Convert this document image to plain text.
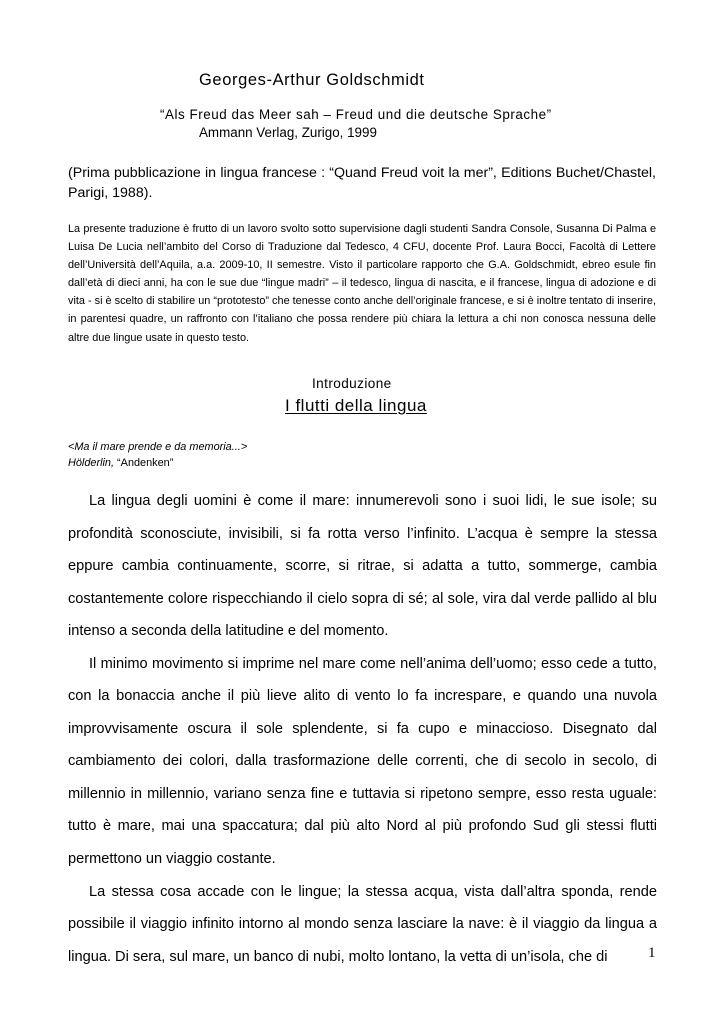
Georges-Arthur Goldschmidt
“Als Freud das Meer sah – Freud und die deutsche Sprache”
Ammann Verlag, Zurigo, 1999
(Prima pubblicazione in lingua francese : “Quand Freud voit la mer”, Editions Buchet/Chastel, Parigi, 1988).
La presente traduzione è frutto di un lavoro svolto sotto supervisione dagli studenti Sandra Console, Susanna Di Palma e Luisa De Lucia nell’ambito del Corso di Traduzione dal Tedesco, 4 CFU, docente Prof. Laura Bocci, Facoltà di Lettere dell’Università dell’Aquila, a.a. 2009-10, II semestre. Visto il particolare rapporto che G.A. Goldschmidt, ebreo esule fin dall’età di dieci anni, ha con le sue due “lingue madri” – il tedesco, lingua di nascita, e il francese, lingua di adozione e di vita - si è scelto di stabilire un “prototesto” che tenesse conto anche dell’originale francese, e si è inoltre tentato di inserire, in parentesi quadre, un raffronto con l’italiano che possa rendere più chiara la lettura a chi non conosca nessuna delle altre due lingue usate in questo testo.
Introduzione
I flutti della lingua
<Ma il mare prende e da memoria...>
Hölderlin, “Andenken”

La lingua degli uomini è come il mare: innumerevoli sono i suoi lidi, le sue isole; su profondità sconosciute, invisibili, si fa rotta verso l’infinito. L’acqua è sempre la stessa eppure cambia continuamente, scorre, si ritrae, si adatta a tutto, sommerge, cambia costantemente colore rispecchiando il cielo sopra di sé; al sole, vira dal verde pallido al blu intenso a seconda della latitudine e del momento.

Il minimo movimento si imprime nel mare come nell’anima dell’uomo; esso cede a tutto, con la bonaccia anche il più lieve alito di vento lo fa increspare, e quando una nuvola improvvisamente oscura il sole splendente, si fa cupo e minaccioso. Disegnato dal cambiamento dei colori, dalla trasformazione delle correnti, che di secolo in secolo, di millennio in millennio, variano senza fine e tuttavia si ripetono sempre, esso resta uguale: tutto è mare, mai una spaccatura; dal più alto Nord al più profondo Sud gli stessi flutti permettono un viaggio costante.

La stessa cosa accade con le lingue; la stessa acqua, vista dall’altra sponda, rende possibile il viaggio infinito intorno al mondo senza lasciare la nave: è il viaggio da lingua a lingua. Di sera, sul mare, un banco di nubi, molto lontano, la vetta di un’isola, che di	1
